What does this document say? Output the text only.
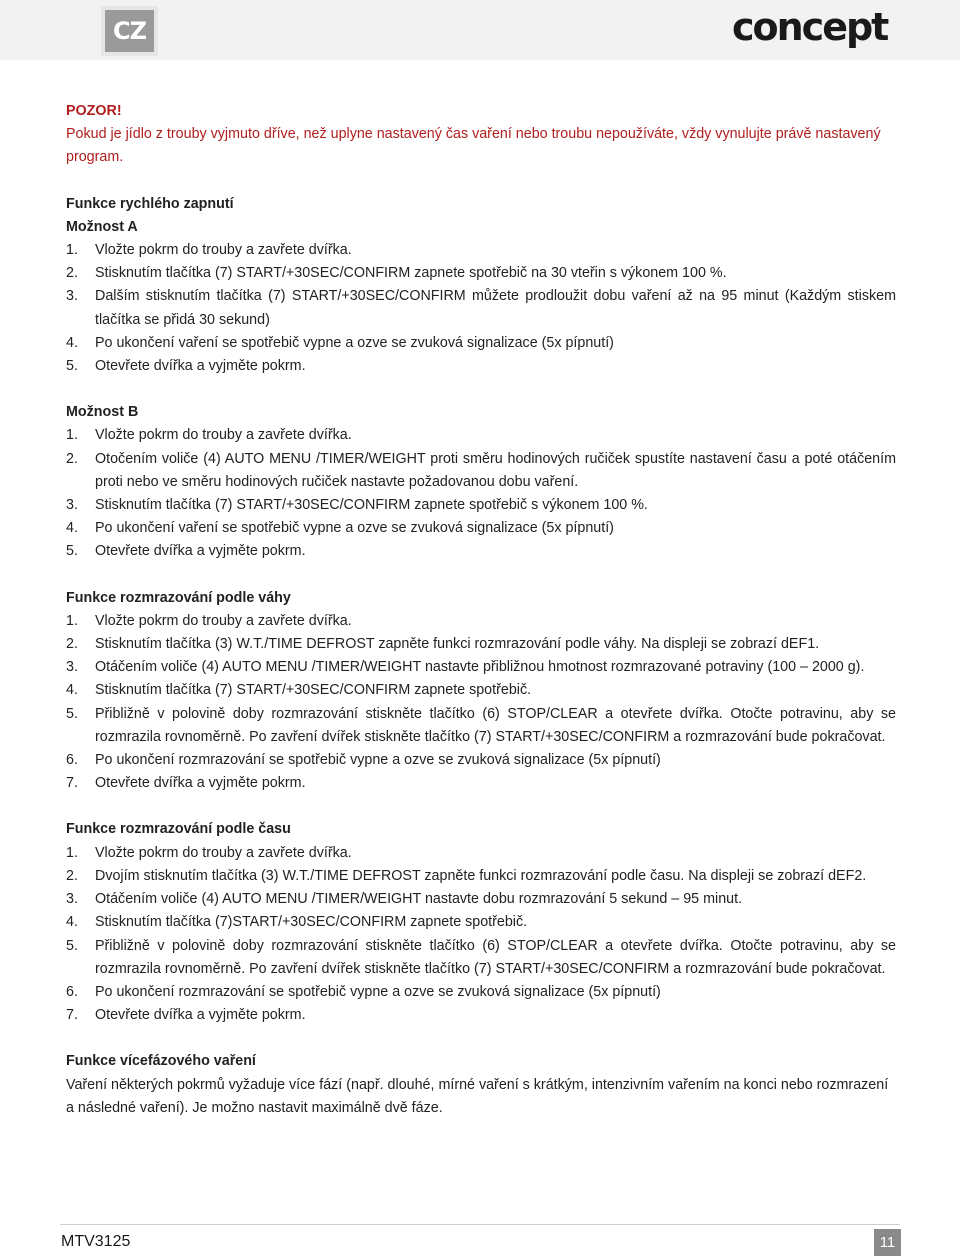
CZ	concept
POZOR!

Pokud je jídlo z trouby vyjmuto dříve, než uplyne nastavený čas vaření nebo troubu nepoužíváte, vždy vynulujte právě nastavený program.

Funkce rychlého zapnutí
Možnost A
1.	Vložte pokrm do trouby a zavřete dvířka.
2.	Stisknutím tlačítka (7) START/+30SEC/CONFIRM zapnete spotřebič na 30 vteřin s výkonem 100 %.
3.	Dalším stisknutím tlačítka (7) START/+30SEC/CONFIRM můžete prodloužit dobu vaření až na 95 minut (Každým stiskem tlačítka se přidá 30 sekund)
4.	Po ukončení vaření se spotřebič vypne a ozve se zvuková signalizace (5x pípnutí)
5.	Otevřete dvířka a vyjměte pokrm.
Možnost B
1.	Vložte pokrm do trouby a zavřete dvířka.
2.	Otočením voliče (4) AUTO MENU /TIMER/WEIGHT proti směru hodinových ručiček spustíte nastavení času a poté otáčením proti nebo ve směru hodinových ručiček nastavte požadovanou dobu vaření.
3.	Stisknutím tlačítka (7) START/+30SEC/CONFIRM zapnete spotřebič s výkonem 100 %.
4.	Po ukončení vaření se spotřebič vypne a ozve se zvuková signalizace (5x pípnutí)
5.	Otevřete dvířka a vyjměte pokrm.
Funkce rozmrazování podle váhy
1.	Vložte pokrm do trouby a zavřete dvířka.
2.	Stisknutím tlačítka (3) W.T./TIME DEFROST zapněte funkci rozmrazování podle váhy. Na displeji se zobrazí dEF1.
3.	Otáčením voliče (4) AUTO MENU /TIMER/WEIGHT nastavte přibližnou hmotnost rozmrazované potraviny (100 – 2000 g).
4.	Stisknutím tlačítka (7) START/+30SEC/CONFIRM zapnete spotřebič.
5.	Přibližně v polovině doby rozmrazování stiskněte tlačítko (6) STOP/CLEAR a otevřete dvířka. Otočte potravinu, aby se rozmrazila rovnoměrně. Po zavření dvířek stiskněte tlačítko (7) START/+30SEC/CONFIRM a rozmrazování bude pokračovat.
6.	Po ukončení rozmrazování se spotřebič vypne a ozve se zvuková signalizace (5x pípnutí)
7.	Otevřete dvířka a vyjměte pokrm.
Funkce rozmrazování podle času
1.	Vložte pokrm do trouby a zavřete dvířka.
2.	Dvojím stisknutím tlačítka (3) W.T./TIME DEFROST zapněte funkci rozmrazování podle času. Na displeji se zobrazí dEF2.
3.	Otáčením voliče (4) AUTO MENU /TIMER/WEIGHT nastavte dobu rozmrazování 5 sekund – 95 minut.
4.	Stisknutím tlačítka (7)START/+30SEC/CONFIRM zapnete spotřebič.
5.	Přibližně v polovině doby rozmrazování stiskněte tlačítko (6) STOP/CLEAR a otevřete dvířka. Otočte potravinu, aby se rozmrazila rovnoměrně. Po zavření dvířek stiskněte tlačítko (7) START/+30SEC/CONFIRM a rozmrazování bude pokračovat.
6.	Po ukončení rozmrazování se spotřebič vypne a ozve se zvuková signalizace (5x pípnutí)
7.	Otevřete dvířka a vyjměte pokrm.
Funkce vícefázového vaření

Vaření některých pokrmů vyžaduje více fází (např. dlouhé, mírné vaření s krátkým, intenzivním vařením na konci nebo rozmrazení a následné vaření). Je možno nastavit maximálně dvě fáze.

MTV3125	11
